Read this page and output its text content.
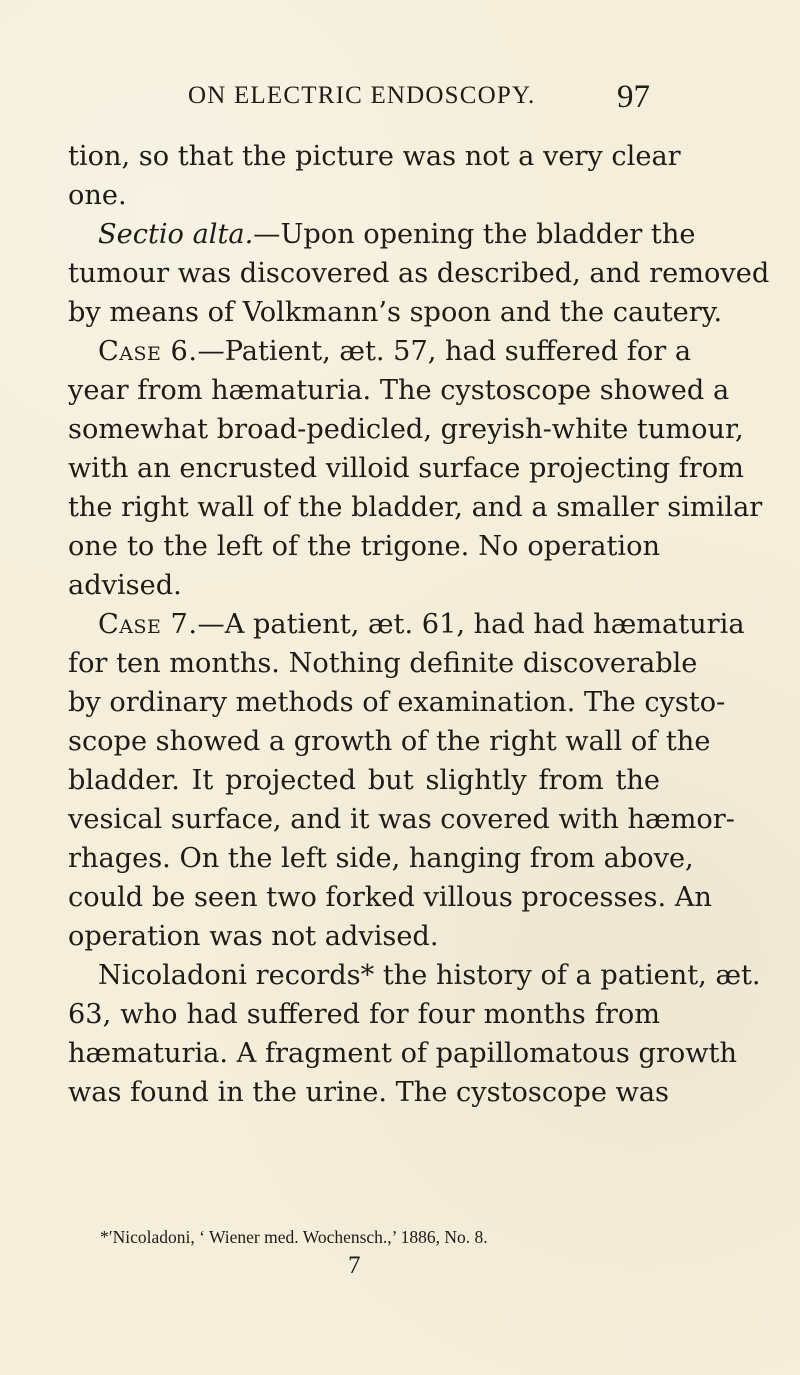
ON ELECTRIC ENDOSCOPY. 97
tion, so that the picture was not a very clear
one.
Sectio alta.—Upon opening the bladder the
tumour was discovered as described, and removed
by means of Volkmann’s spoon and the cautery.
Case 6.—Patient, æt. 57, had suffered for a
year from hæmaturia. The cystoscope showed a
somewhat broad-pedicled, greyish-white tumour,
with an encrusted villoid surface projecting from
the right wall of the bladder, and a smaller similar
one to the left of the trigone. No operation
advised.
Case 7.—A patient, æt. 61, had had hæmaturia
for ten months. Nothing definite discoverable
by ordinary methods of examination. The cysto-
scope showed a growth of the right wall of the
bladder. It projected but slightly from the
vesical surface, and it was covered with hæmor-
rhages. On the left side, hanging from above,
could be seen two forked villous processes. An
operation was not advised.
Nicoladoni records* the history of a patient, æt.
63, who had suffered for four months from
hæmaturia. A fragment of papillomatous growth
was found in the urine. The cystoscope was
*′Nicoladoni, ‘ Wiener med. Wochensch.,’ 1886, No. 8.
7
